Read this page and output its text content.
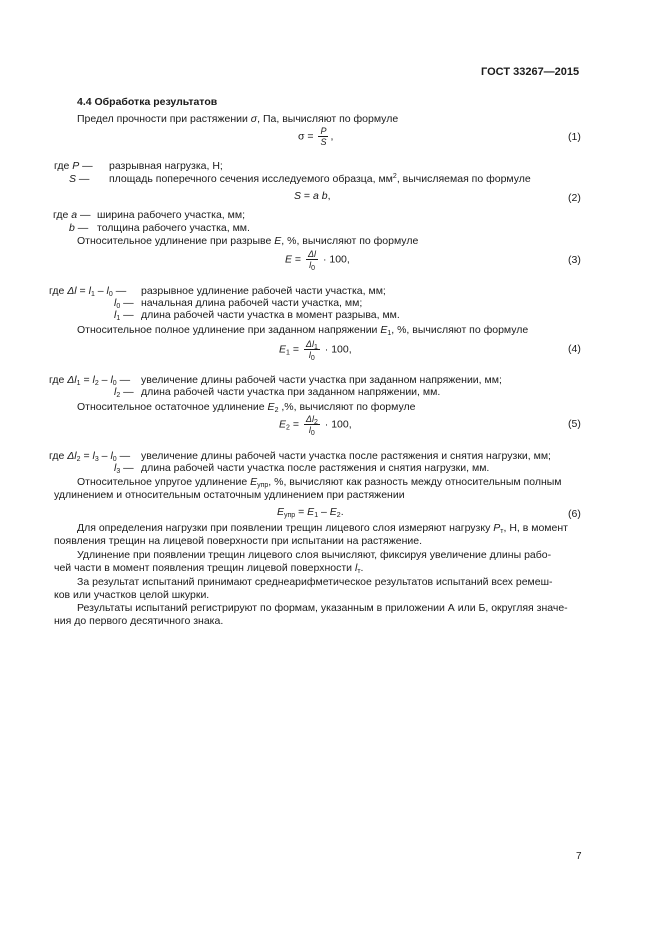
ГОСТ 33267—2015
4.4 Обработка результатов
Предел прочности при растяжении σ, Па, вычисляют по формуле
$\sigma = \frac{P}{S}$ ,	(1)
где P — разрывная нагрузка, Н;
S — площадь поперечного сечения исследуемого образца, $мм^2$, вычисляемая по формуле
S = a b,	(2)
где a — ширина рабочего участка, мм;
b — толщина рабочего участка, мм.
Относительное удлинение при разрыве E, %, вычисляют по формуле
$E = \frac{\Delta l}{l_0} \cdot 100$,	(3)
где $\Delta l = l_1 - l_0$ — разрывное удлинение рабочей части участка, мм;
$l_0$ — начальная длина рабочей части участка, мм;
$l_1$ — длина рабочей части участка в момент разрыва, мм.
Относительное полное удлинение при заданном напряжении $E_1$, %, вычисляют по формуле
$E_1 = \frac{\Delta l_1}{l_0} \cdot 100$,	(4)
где $\Delta l_1 = l_2 - l_0$ — увеличение длины рабочей части участка при заданном напряжении, мм;
$l_2$ — длина рабочей части участка при заданном напряжении, мм.
Относительное остаточное удлинение $E_2$ ,%, вычисляют по формуле
$E_2 = \frac{\Delta l_2}{l_0} \cdot 100$,	(5)
где $\Delta l_2 = l_3 - l_0$ — увеличение длины рабочей части участка после растяжения и снятия нагрузки, мм;
$l_3$ — длина рабочей части участка после растяжения и снятия нагрузки, мм.
Относительное упругое удлинение $E_{упр}$, %, вычисляют как разность между относительным полным
удлинением и относительным остаточным удлинением при растяжении
$E_{упр} = E_1 - E_2$.	(6)
Для определения нагрузки при появлении трещин лицевого слоя измеряют нагрузку $P_т$, Н, в момент
появления трещин на лицевой поверхности при испытании на растяжение.
Удлинение при появлении трещин лицевого слоя вычисляют, фиксируя увеличение длины рабо-
чей части в момент появления трещин лицевой поверхности $l_т$.
За результат испытаний принимают среднеарифметическое результатов испытаний всех ремеш-
ков или участков целой шкурки.
Результаты испытаний регистрируют по формам, указанным в приложении А или Б, округляя значе-
ния до первого десятичного знака.
7
